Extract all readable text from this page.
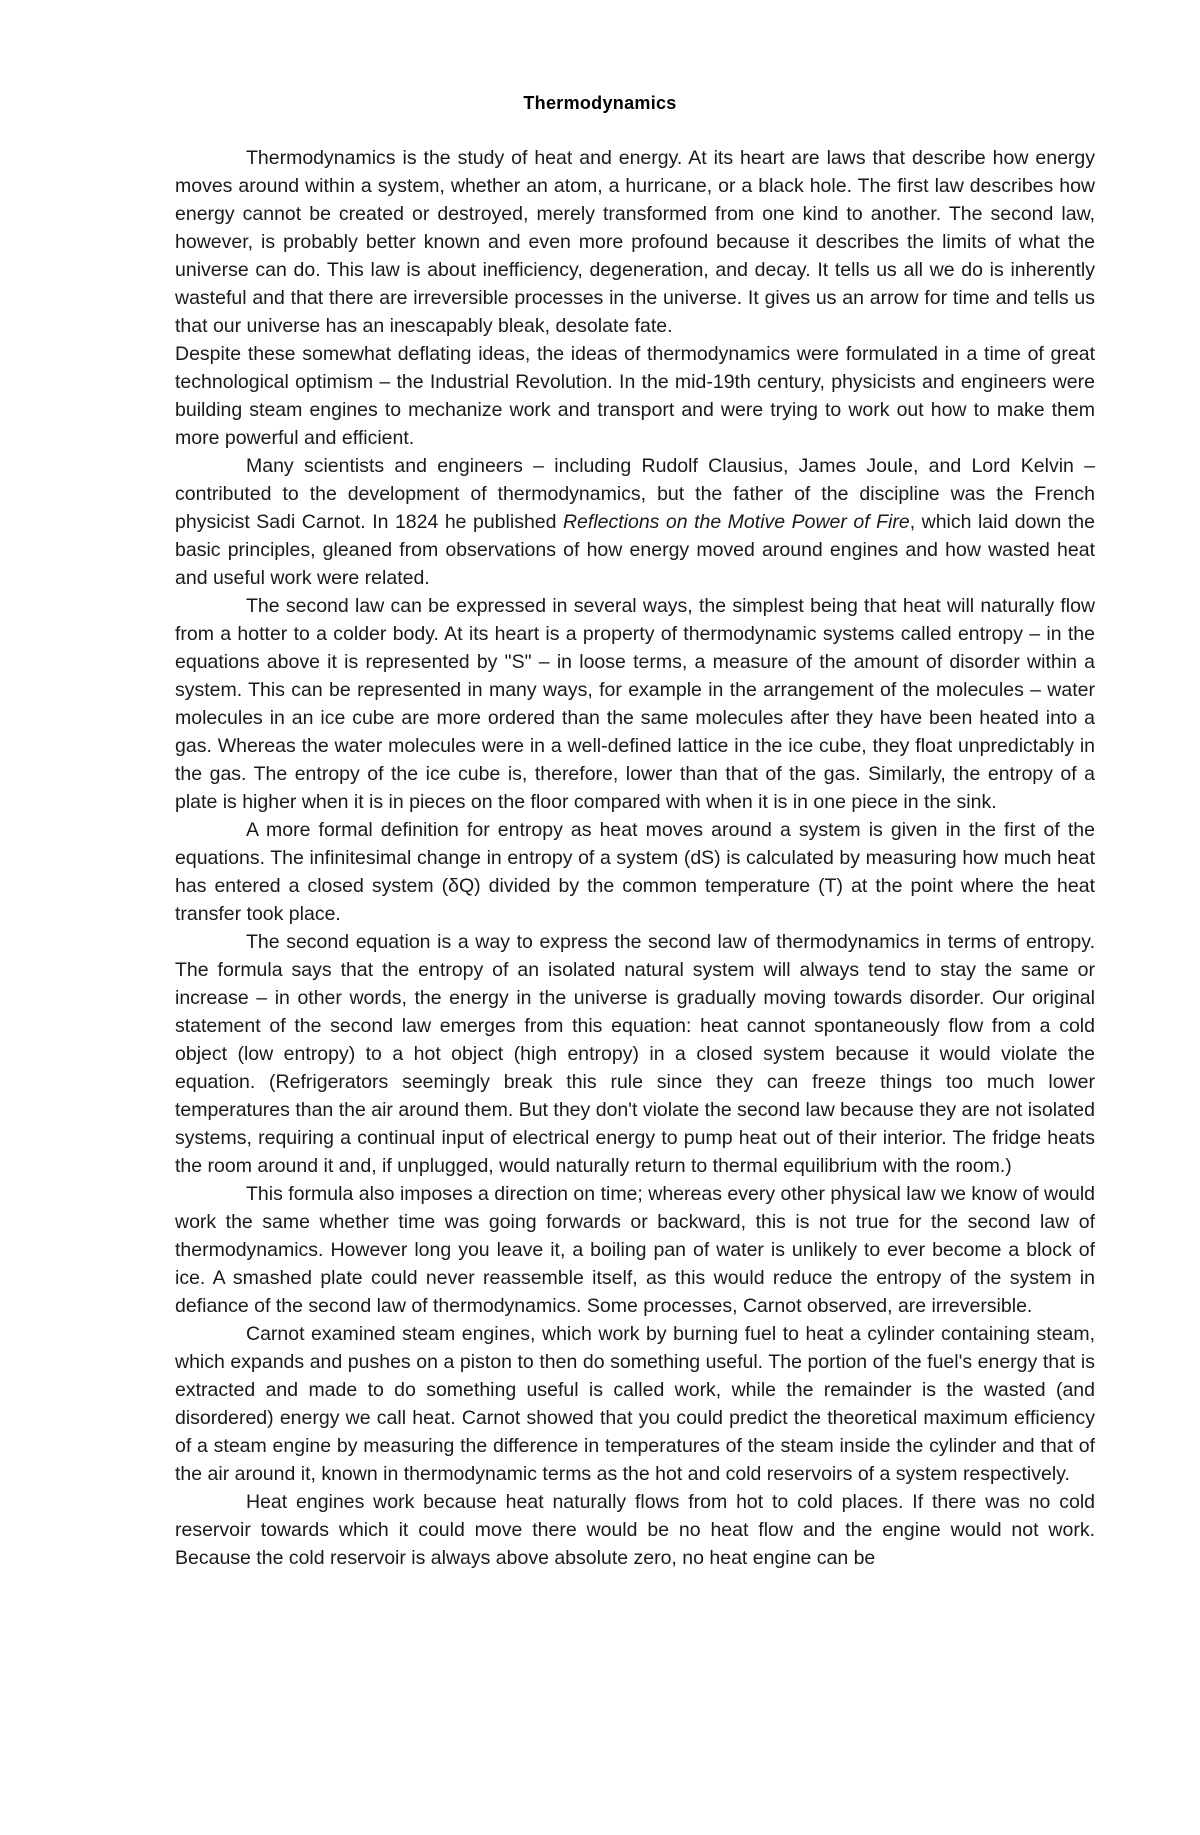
Thermodynamics

Thermodynamics is the study of heat and energy. At its heart are laws that describe how energy moves around within a system, whether an atom, a hurricane, or a black hole. The first law describes how energy cannot be created or destroyed, merely transformed from one kind to another. The second law, however, is probably better known and even more profound because it describes the limits of what the universe can do. This law is about inefficiency, degeneration, and decay. It tells us all we do is inherently wasteful and that there are irreversible processes in the universe. It gives us an arrow for time and tells us that our universe has an inescapably bleak, desolate fate.

Despite these somewhat deflating ideas, the ideas of thermodynamics were formulated in a time of great technological optimism – the Industrial Revolution. In the mid-19th century, physicists and engineers were building steam engines to mechanize work and transport and were trying to work out how to make them more powerful and efficient.

Many scientists and engineers – including Rudolf Clausius, James Joule, and Lord Kelvin – contributed to the development of thermodynamics, but the father of the discipline was the French physicist Sadi Carnot. In 1824 he published Reflections on the Motive Power of Fire, which laid down the basic principles, gleaned from observations of how energy moved around engines and how wasted heat and useful work were related.

The second law can be expressed in several ways, the simplest being that heat will naturally flow from a hotter to a colder body. At its heart is a property of thermodynamic systems called entropy – in the equations above it is represented by "S" – in loose terms, a measure of the amount of disorder within a system. This can be represented in many ways, for example in the arrangement of the molecules – water molecules in an ice cube are more ordered than the same molecules after they have been heated into a gas. Whereas the water molecules were in a well-defined lattice in the ice cube, they float unpredictably in the gas. The entropy of the ice cube is, therefore, lower than that of the gas. Similarly, the entropy of a plate is higher when it is in pieces on the floor compared with when it is in one piece in the sink.

A more formal definition for entropy as heat moves around a system is given in the first of the equations. The infinitesimal change in entropy of a system (dS) is calculated by measuring how much heat has entered a closed system (δQ) divided by the common temperature (T) at the point where the heat transfer took place.

The second equation is a way to express the second law of thermodynamics in terms of entropy. The formula says that the entropy of an isolated natural system will always tend to stay the same or increase – in other words, the energy in the universe is gradually moving towards disorder. Our original statement of the second law emerges from this equation: heat cannot spontaneously flow from a cold object (low entropy) to a hot object (high entropy) in a closed system because it would violate the equation. (Refrigerators seemingly break this rule since they can freeze things too much lower temperatures than the air around them. But they don't violate the second law because they are not isolated systems, requiring a continual input of electrical energy to pump heat out of their interior. The fridge heats the room around it and, if unplugged, would naturally return to thermal equilibrium with the room.)

This formula also imposes a direction on time; whereas every other physical law we know of would work the same whether time was going forwards or backward, this is not true for the second law of thermodynamics. However long you leave it, a boiling pan of water is unlikely to ever become a block of ice. A smashed plate could never reassemble itself, as this would reduce the entropy of the system in defiance of the second law of thermodynamics. Some processes, Carnot observed, are irreversible.

Carnot examined steam engines, which work by burning fuel to heat a cylinder containing steam, which expands and pushes on a piston to then do something useful. The portion of the fuel's energy that is extracted and made to do something useful is called work, while the remainder is the wasted (and disordered) energy we call heat. Carnot showed that you could predict the theoretical maximum efficiency of a steam engine by measuring the difference in temperatures of the steam inside the cylinder and that of the air around it, known in thermodynamic terms as the hot and cold reservoirs of a system respectively.

Heat engines work because heat naturally flows from hot to cold places. If there was no cold reservoir towards which it could move there would be no heat flow and the engine would not work. Because the cold reservoir is always above absolute zero, no heat engine can be
